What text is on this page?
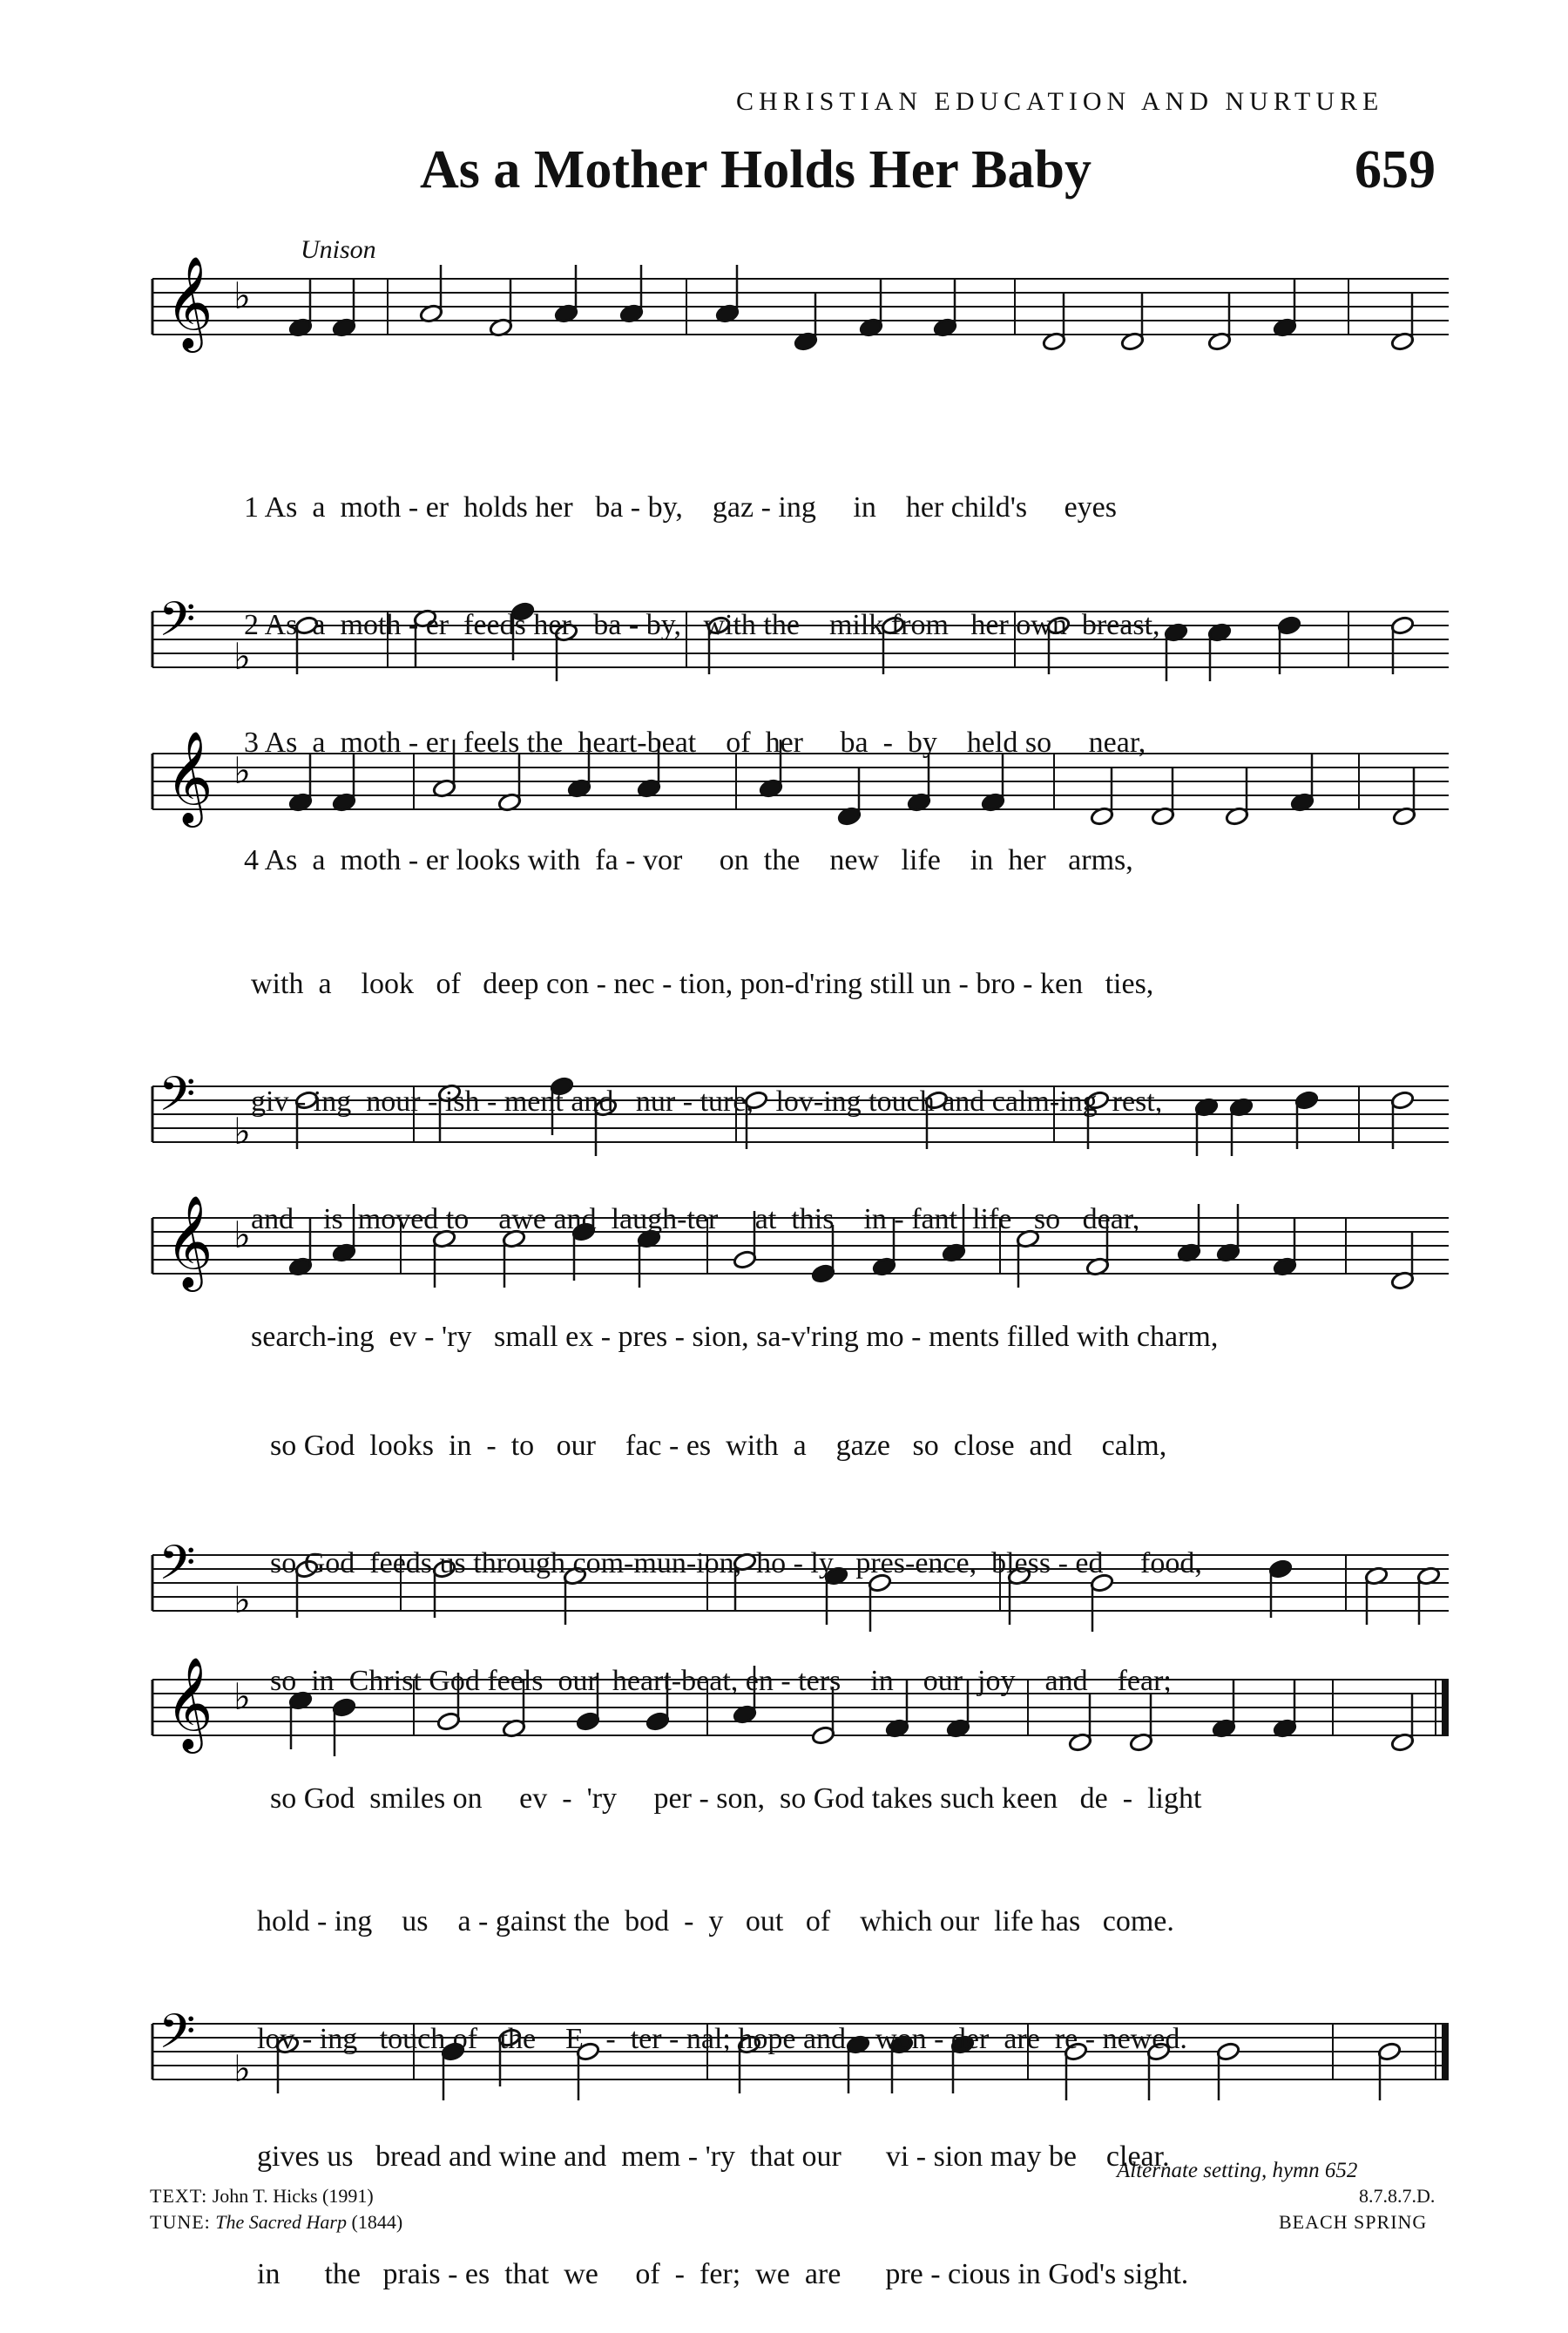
CHRISTIAN EDUCATION AND NURTURE
As a Mother Holds Her Baby	659
Unison
𝄞 ♭
𝄢 ♭
𝄞 ♭
𝄢 ♭
𝄞 ♭
𝄢 ♭
𝄞 ♭
𝄢 ♭

1 As  a  moth - er  holds her   ba - by,    gaz - ing     in    her child's     eyes

2 As  a  moth - er  feeds her   ba - by,   with the    milk from   her own  breast,

3 As  a  moth - er  feels the  heart-beat    of  her     ba  -  by    held so     near,

4 As  a  moth - er looks with  fa - vor     on  the    new   life    in  her   arms,

with  a    look   of   deep con - nec - tion, pon-d'ring still un - bro - ken   ties,

giv - ing  nour - ish - ment and   nur - ture,   lov-ing touch and calm-ing  rest,

and    is  moved to    awe and  laugh-ter     at  this    in - fant  life   so   dear,

search-ing  ev - 'ry   small ex - pres - sion, sa-v'ring mo - ments filled with charm,

so God  looks  in  -  to   our    fac - es  with  a    gaze   so  close  and    calm,

so God  feeds us through com-mun-ion,  ho - ly   pres-ence,  bless - ed     food,

so  in  Christ God feels  our  heart-beat, en - ters    in    our  joy    and    fear;

so God  smiles on     ev  -  'ry     per - son,  so God takes such keen   de  -  light

hold - ing    us    a - gainst the  bod  -  y   out   of    which our  life has   come.

lov - ing   touch of   the    E   -  ter - nal; hope and    won - der  are  re - newed.

gives us   bread and wine and  mem - 'ry  that our      vi - sion may be    clear.

in      the   prais - es  that  we     of  -  fer;  we  are      pre - cious in God's sight.

Alternate setting, hymn 652
TEXT: John T. Hicks (1991)
TUNE: The Sacred Harp (1844)
8.7.8.7.D.
BEACH SPRING
